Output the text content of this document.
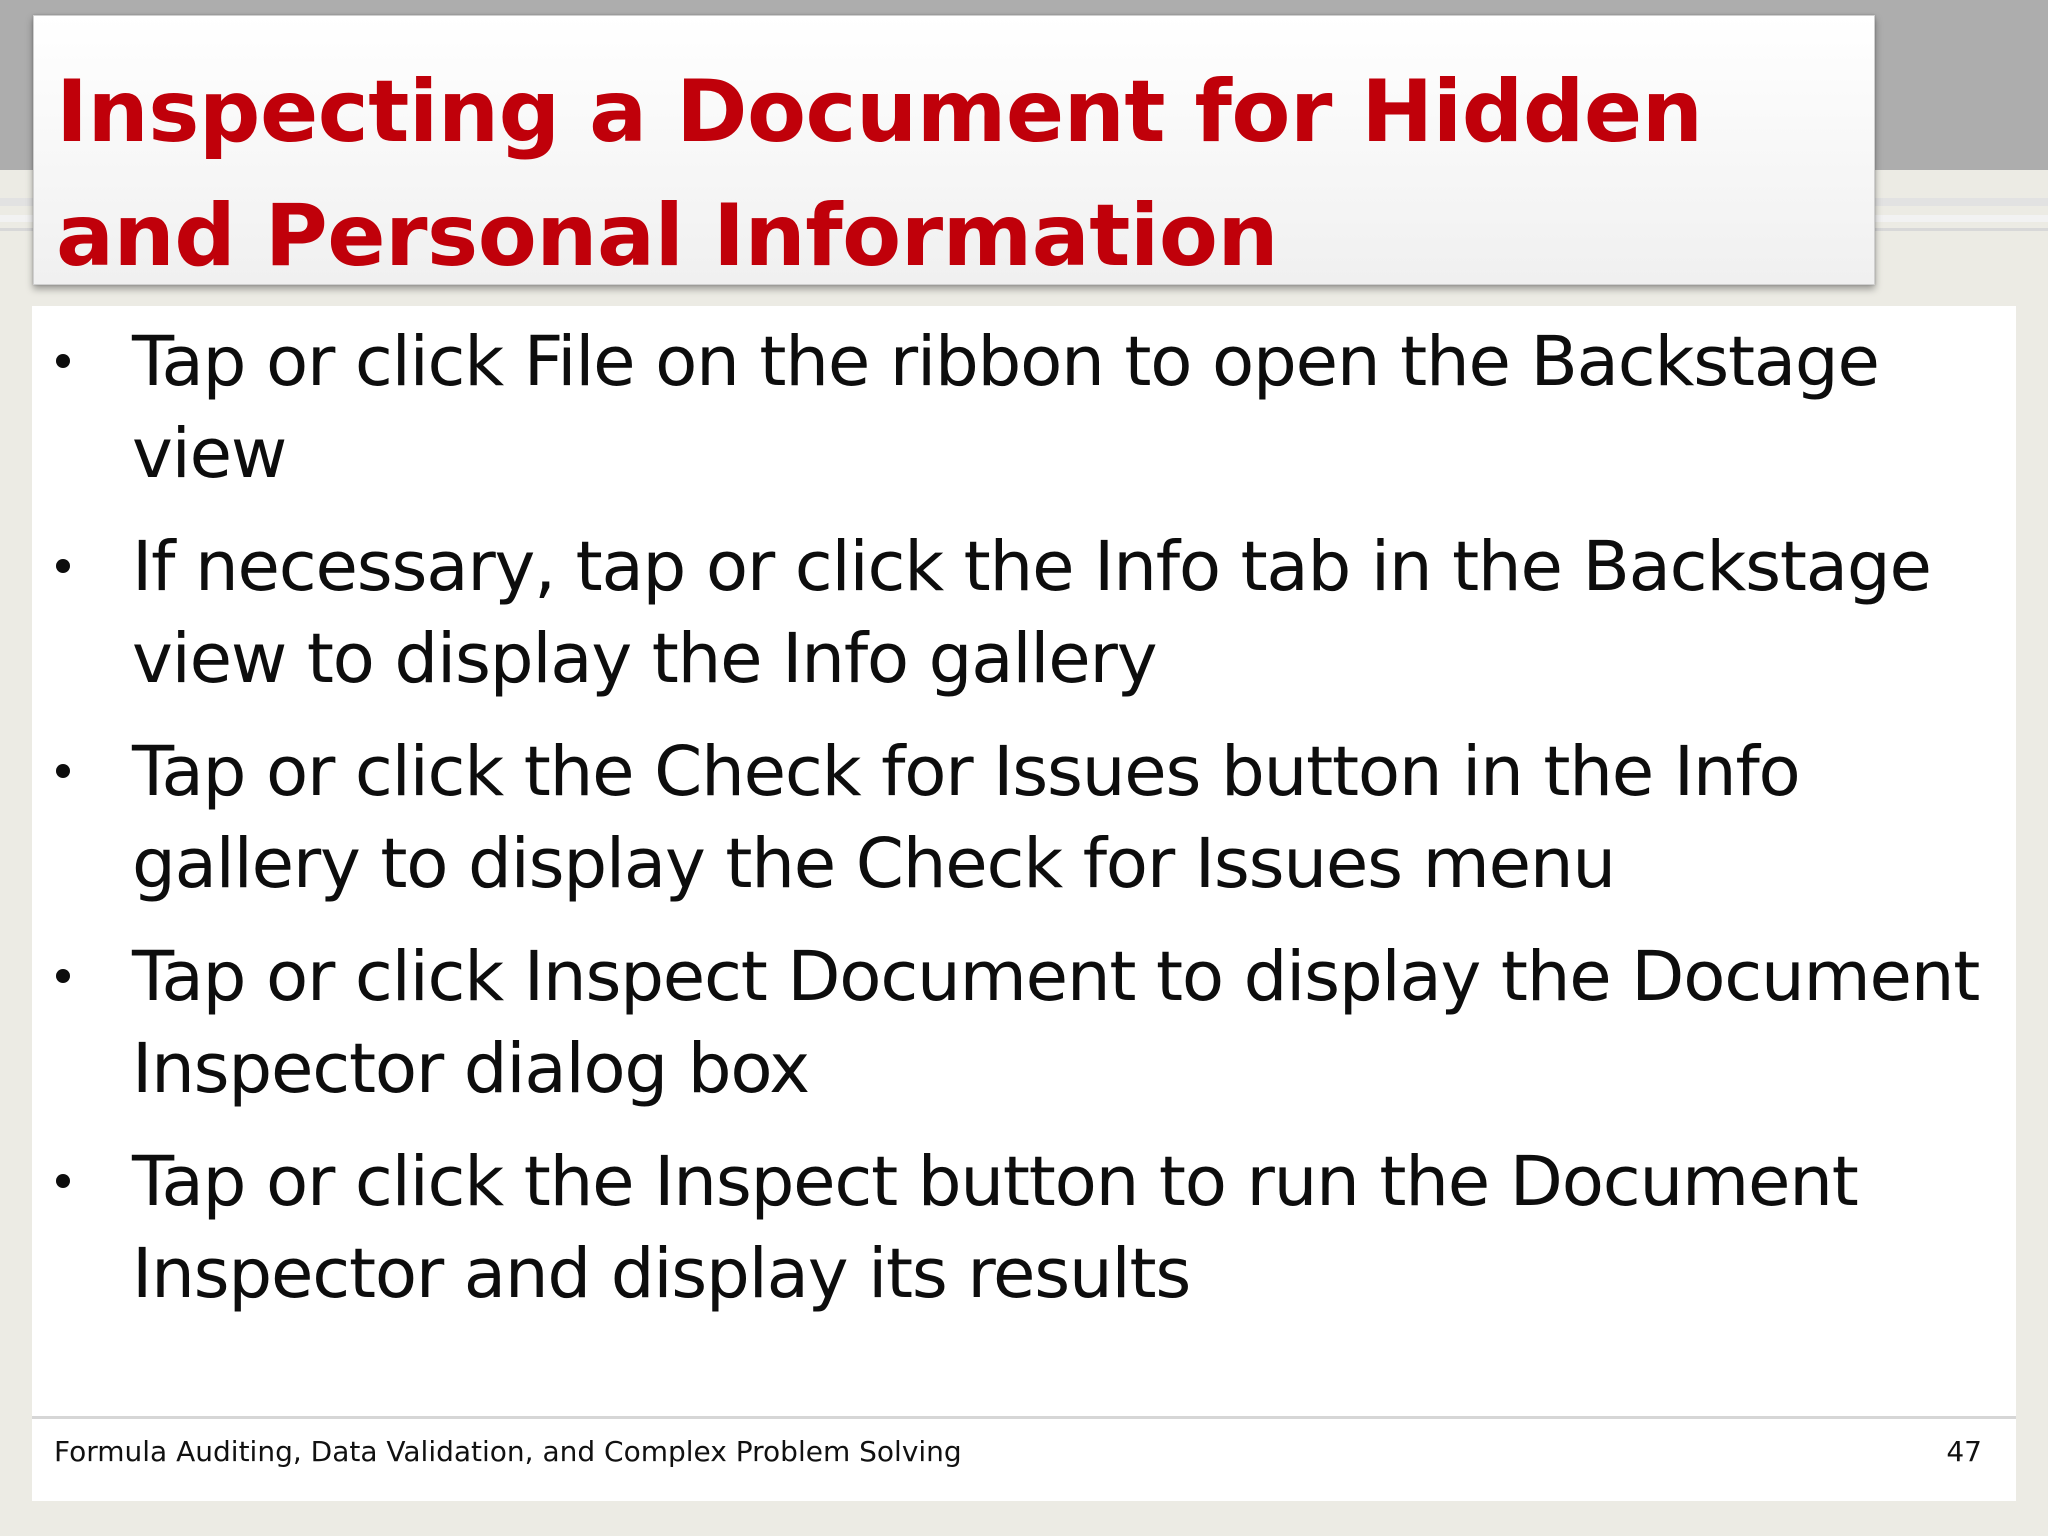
Inspecting a Document for Hidden and Personal Information
Tap or click File on the ribbon to open the Backstage view
If necessary, tap or click the Info tab in the Backstage view to display the Info gallery
Tap or click the Check for Issues button in the Info gallery to display the Check for Issues menu
Tap or click Inspect Document to display the Document Inspector dialog box
Tap or click the Inspect button to run the Document Inspector and display its results
Formula Auditing, Data Validation, and Complex Problem Solving	47
